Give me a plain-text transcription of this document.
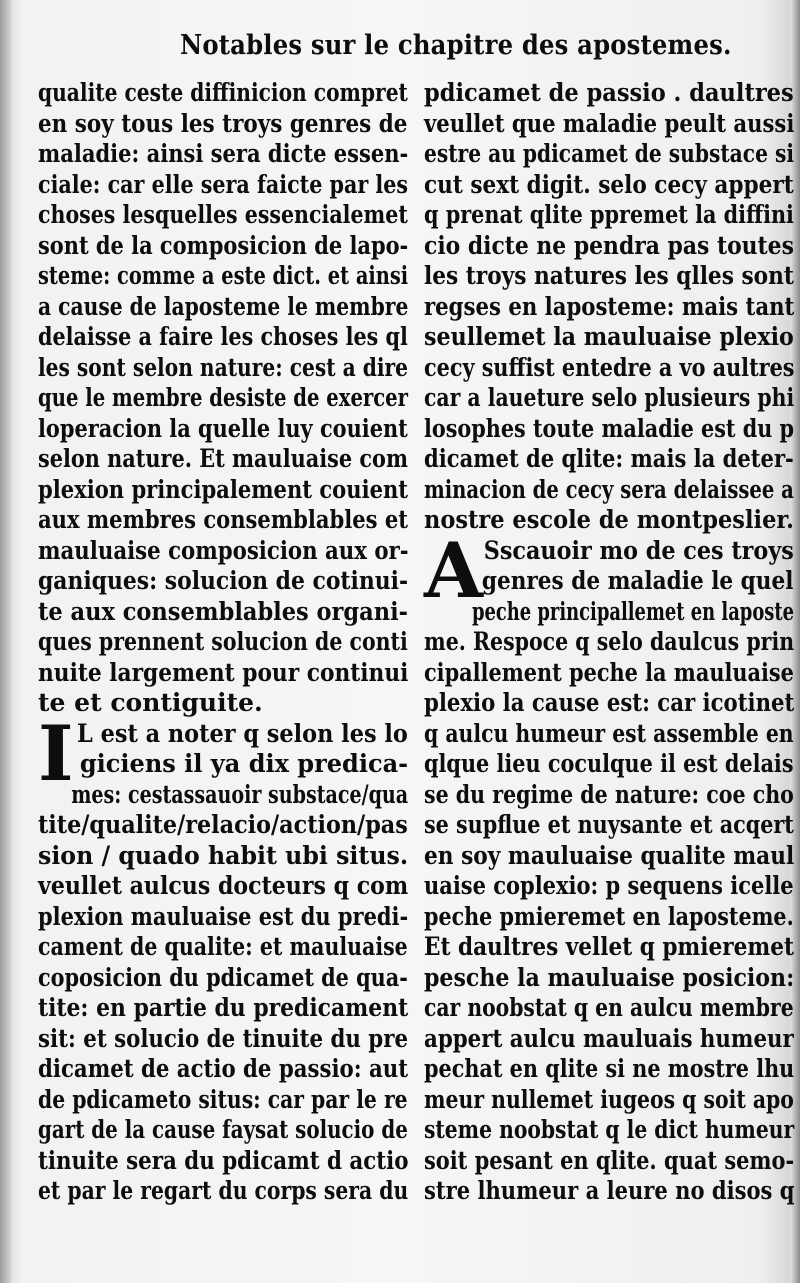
Notables sur le chapitre des apostemes.
qualite ceste diffinicion compret
en soy tous les troys genres de
maladie: ainsi sera dicte essen-
ciale: car elle sera faicte par les
choses lesquelles essencialemet
sont de la composicion de lapo-
steme: comme a este dict. et ainsi
a cause de laposteme le membre
delaisse a faire les choses les ql
les sont selon nature: cest a dire
que le membre desiste de exercer
loperacion la quelle luy couient
selon nature. Et mauluaise com
plexion principalement couient
aux membres consemblables et
mauluaise composicion aux or-
ganiques: solucion de cotinui-
te aux consemblables organi-
ques prennent solucion de conti
nuite largement pour continui
te et contiguite.
I L est a noter q selon les lo
giciens il ya dix predica-
mes: cestassauoir substace/qua
tite/qualite/relacio/action/pas
sion / quado habit ubi situs.
veullet aulcus docteurs q com
plexion mauluaise est du predi-
cament de qualite: et mauluaise
coposicion du pdicamet de qua-
tite: en partie du predicament
sit: et solucio de tinuite du pre
dicamet de actio de passio: aut
de pdicameto situs: car par le re
gart de la cause faysat solucio de
tinuite sera du pdicamt d actio
et par le regart du corps sera du
pdicamet de passio . daultres
veullet que maladie peult aussi
estre au pdicamet de substace si
cut sext digit. selo cecy appert
q prenat qlite ppremet la diffini
cio dicte ne pendra pas toutes
les troys natures les qlles sont
regses en laposteme: mais tant
seullemet la mauluaise plexio
cecy suffist entedre a vo aultres
car a laueture selo plusieurs phi
losophes toute maladie est du p
dicamet de qlite: mais la deter-
minacion de cecy sera delaissee a
nostre escole de montpeslier.
A Sscauoir mo de ces troys
genres de maladie le quel
peche principallemet en laposte
me. Respoce q selo daulcus prin
cipallement peche la mauluaise
plexio la cause est: car icotinet
q aulcu humeur est assemble en
qlque lieu coculque il est delais
se du regime de nature: coe cho
se supflue et nuysante et acqert
en soy mauluaise qualite maul
uaise coplexio: p sequens icelle
peche pmieremet en laposteme.
Et daultres vellet q pmieremet
pesche la mauluaise posicion:
car noobstat q en aulcu membre
appert aulcu mauluais humeur
pechat en qlite si ne mostre lhu
meur nullemet iugeos q soit apo
steme noobstat q le dict humeur
soit pesant en qlite. quat semo-
stre lhumeur a leure no disos q
